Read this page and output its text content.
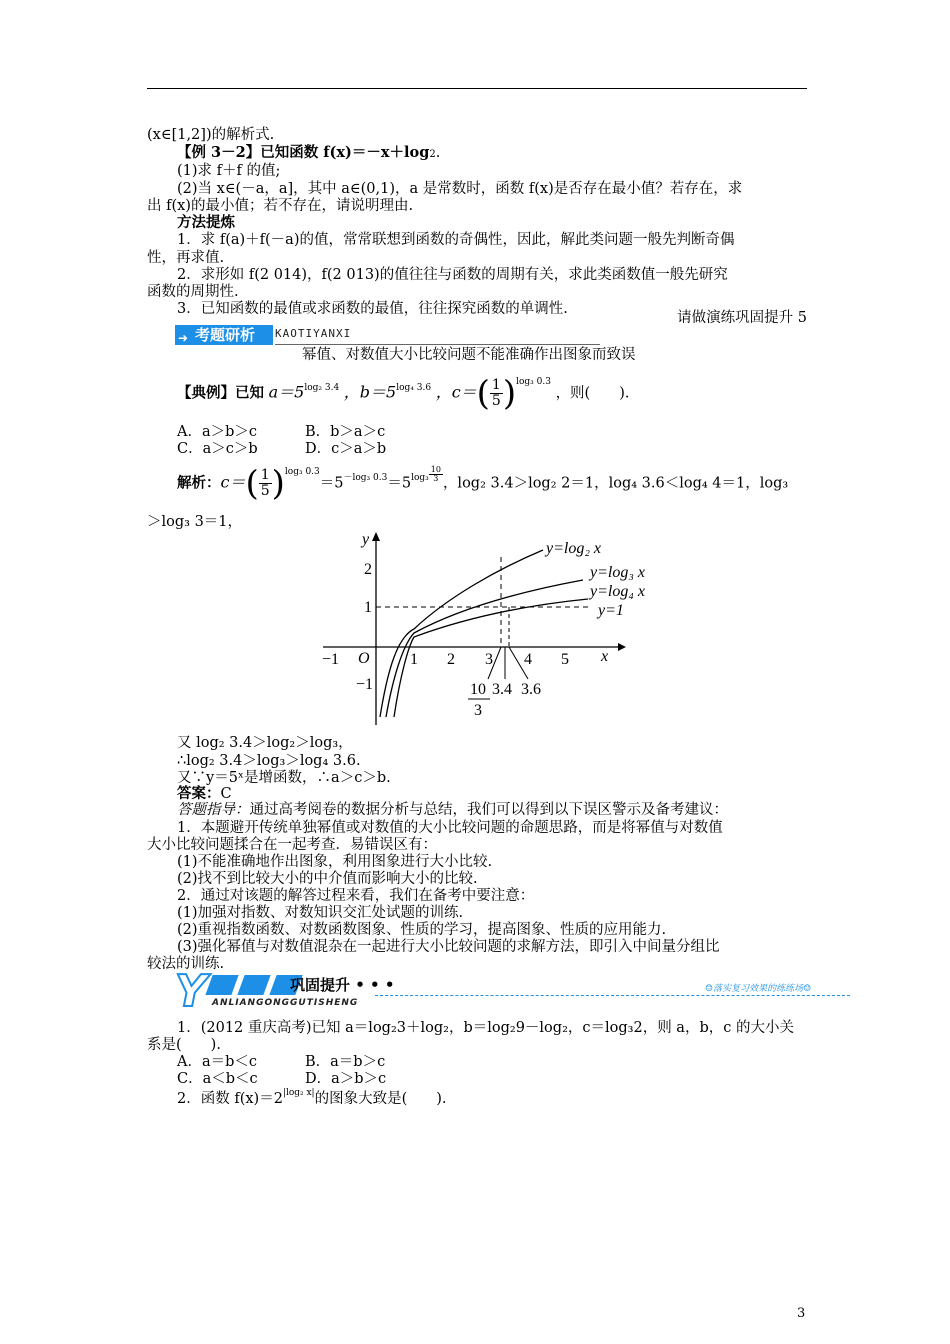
(x∈[1,2])的解析式.
【例 3－2】已知函数 f(x)＝－x＋log2.
(1)求 f＋f 的值;
(2)当 x∈(－a，a]，其中 a∈(0,1)，a 是常数时，函数 f(x)是否存在最小值？若存在，求
出 f(x)的最小值；若不存在，请说明理由.
方法提炼
1．求 f(a)＋f(－a)的值，常常联想到函数的奇偶性，因此，解此类问题一般先判断奇偶
性，再求值.
2．求形如 f(2 014)，f(2 013)的值往往与函数的周期有关，求此类函数值一般先研究
函数的周期性.
3．已知函数的最值或求函数的最值，往往探究函数的单调性.
请做演练巩固提升 5
➜ 考题研析	KAOTIYANXI
幂值、对数值大小比较问题不能准确作出图象而致误
【典例】已知 $a=5^{log_2 3.4}$ ，$b=5^{log_4 3.6}$ ，$c=( \frac{1}{5})^{log_3 0.3}$ ，则(　　).
A．a＞b＞c	B．b＞a＞c
C．a＞c＞b	D．c＞a＞b
解析：$c=( \frac{1}{5})^{log_3 0.3}=5^{-log_3 0.3}=5^{log_3} \frac{10}{3}$，log₂ 3.4＞log₂ 2＝1，log₄ 3.6＜log₄ 4＝1，log₃
＞log₃ 3＝1，
y
x
O
−1	1 2 3 4 5
2
1
−1
y=log₂ x
y=log₃ x
y=log₄ x
y=1
10
3
3.4 3.6
又 log₂ 3.4＞log₂＞log₃，
∴log₂ 3.4＞log₃＞log₄ 3.6.
又∵y＝5ˣ是增函数，∴a＞c＞b.
答案：C
答题指导：通过高考阅卷的数据分析与总结，我们可以得到以下误区警示及备考建议：
1．本题避开传统单独幂值或对数值的大小比较问题的命题思路，而是将幂值与对数值
大小比较问题揉合在一起考查．易错误区有：
(1)不能准确地作出图象，利用图象进行大小比较.
(2)找不到比较大小的中介值而影响大小的比较.
2．通过对该题的解答过程来看，我们在备考中要注意：
(1)加强对指数、对数知识交汇处试题的训练.
(2)重视指数函数、对数函数图象、性质的学习，提高图象、性质的应用能力.
(3)强化幂值与对数值混杂在一起进行大小比较问题的求解方法，即引入中间量分组比
较法的训练.
Y	巩固提升 • • •
ANLIANGONGGUTISHENG
☺落实复习效果的练练场☺
1．(2012 重庆高考)已知 a＝log₂3＋log₂，b＝log₂9－log₂，c＝log₃2，则 a，b，c 的大小关
系是(　　).
A．a＝b＜c	B．a＝b＞c
C．a＜b＜c	D．a＞b＞c
2．函数 $f(x)=2^{|log_2 x|}$的图象大致是(　　).
3
